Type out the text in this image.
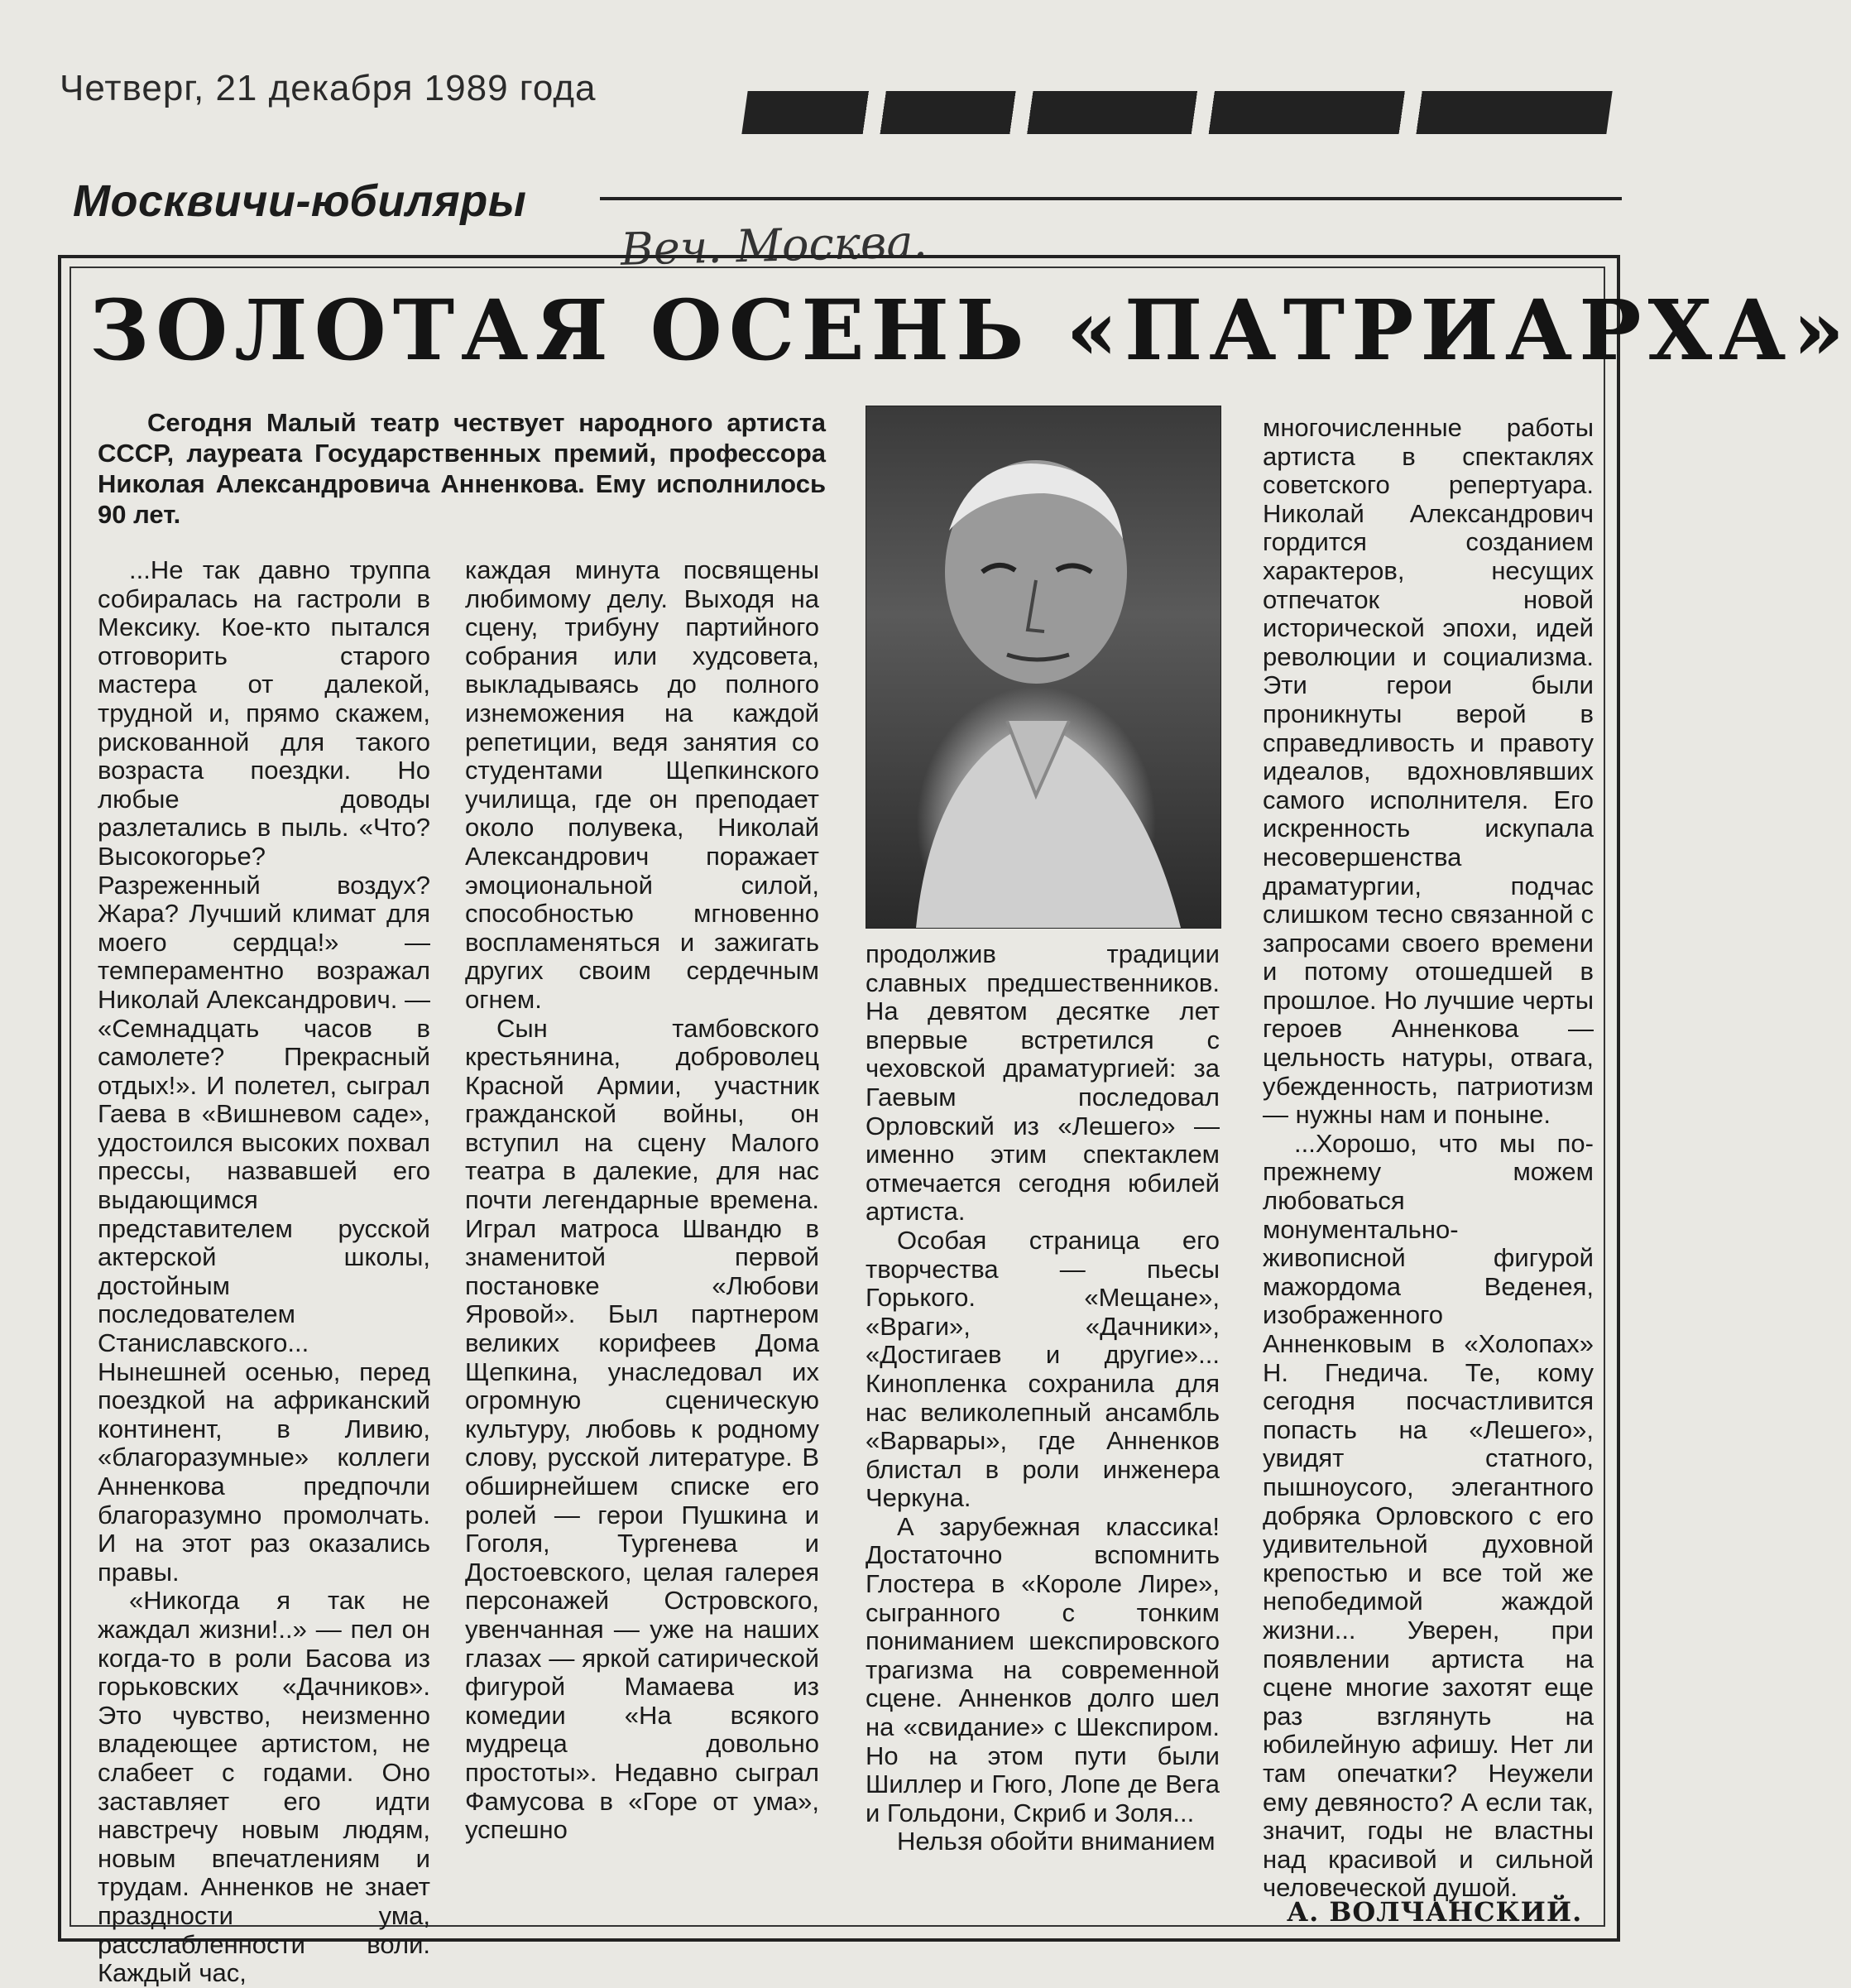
Четверг, 21 декабря 1989 года
Москвичи-юбиляры
Веч. Москва.
ЗОЛОТАЯ ОСЕНЬ «ПАТРИАРХА»
Сегодня Малый театр чествует народного артиста СССР, лауреата Государственных премий, профессора Николая Александровича Анненкова. Ему исполнилось 90 лет.

...Не так давно труппа собиралась на гастроли в Мексику. Кое-кто пытался отговорить старого мастера от далекой, трудной и, прямо скажем, рискованной для такого возраста поездки. Но любые доводы разлетались в пыль. «Что? Высокогорье? Разреженный воздух? Жара? Лучший климат для моего сердца!» — темпераментно возражал Николай Александрович. — «Семнадцать часов в самолете? Прекрасный отдых!». И полетел, сыграл Гаева в «Вишневом саде», удостоился высоких похвал прессы, назвавшей его выдающимся представителем русской актерской школы, достойным последователем Станиславского... Нынешней осенью, перед поездкой на африканский континент, в Ливию, «благоразумные» коллеги Анненкова предпочли благоразумно промолчать. И на этот раз оказались правы.

«Никогда я так не жаждал жизни!..» — пел он когда-то в роли Басова из горьковских «Дачников». Это чувство, неизменно владеющее артистом, не слабеет с годами. Оно заставляет его идти навстречу новым людям, новым впечатлениям и трудам. Анненков не знает праздности ума, расслабленности воли. Каждый час,

каждая минута посвящены любимому делу. Выходя на сцену, трибуну партийного собрания или худсовета, выкладываясь до полного изнеможения на каждой репетиции, ведя занятия со студентами Щепкинского училища, где он преподает около полувека, Николай Александрович поражает эмоциональной силой, способностью мгновенно воспламеняться и зажигать других своим сердечным огнем.

Сын тамбовского крестьянина, доброволец Красной Армии, участник гражданской войны, он вступил на сцену Малого театра в далекие, для нас почти легендарные времена. Играл матроса Швандю в знаменитой первой постановке «Любови Яровой». Был партнером великих корифеев Дома Щепкина, унаследовал их огромную сценическую культуру, любовь к родному слову, русской литературе. В обширнейшем списке его ролей — герои Пушкина и Гоголя, Тургенева и Достоевского, целая галерея персонажей Островского, увенчанная — уже на наших глазах — яркой сатирической фигурой Мамаева из комедии «На всякого мудреца довольно простоты». Недавно сыграл Фамусова в «Горе от ума», успешно

продолжив традиции славных предшественников. На девятом десятке лет впервые встретился с чеховской драматургией: за Гаевым последовал Орловский из «Лешего» — именно этим спектаклем отмечается сегодня юбилей артиста.

Особая страница его творчества — пьесы Горького. «Мещане», «Враги», «Дачники», «Достигаев и другие»... Кинопленка сохранила для нас великолепный ансамбль «Варвары», где Анненков блистал в роли инженера Черкуна.

А зарубежная классика! Достаточно вспомнить Глостера в «Короле Лире», сыгранного с тонким пониманием шекспировского трагизма на современной сцене. Анненков долго шел на «свидание» с Шекспиром. Но на этом пути были Шиллер и Гюго, Лопе де Вега и Гольдони, Скриб и Золя...

Нельзя обойти вниманием

многочисленные работы артиста в спектаклях советского репертуара. Николай Александрович гордится созданием характеров, несущих отпечаток новой исторической эпохи, идей революции и социализма. Эти герои были проникнуты верой в справедливость и правоту идеалов, вдохновлявших самого исполнителя. Его искренность искупала несовершенства драматургии, подчас слишком тесно связанной с запросами своего времени и потому отошедшей в прошлое. Но лучшие черты героев Анненкова — цельность натуры, отвага, убежденность, патриотизм — нужны нам и поныне.

...Хорошо, что мы по-прежнему можем любоваться монументально-живописной фигурой мажордома Веденея, изображенного Анненковым в «Холопах» Н. Гнедича. Те, кому сегодня посчастливится попасть на «Лешего», увидят статного, пышноусого, элегантного добряка Орловского с его удивительной духовной крепостью и все той же непобедимой жаждой жизни... Уверен, при появлении артиста на сцене многие захотят еще раз взглянуть на юбилейную афишу. Нет ли там опечатки? Неужели ему девяносто? А если так, значит, годы не властны над красивой и сильной человеческой душой.

А. ВОЛЧАНСКИЙ.
